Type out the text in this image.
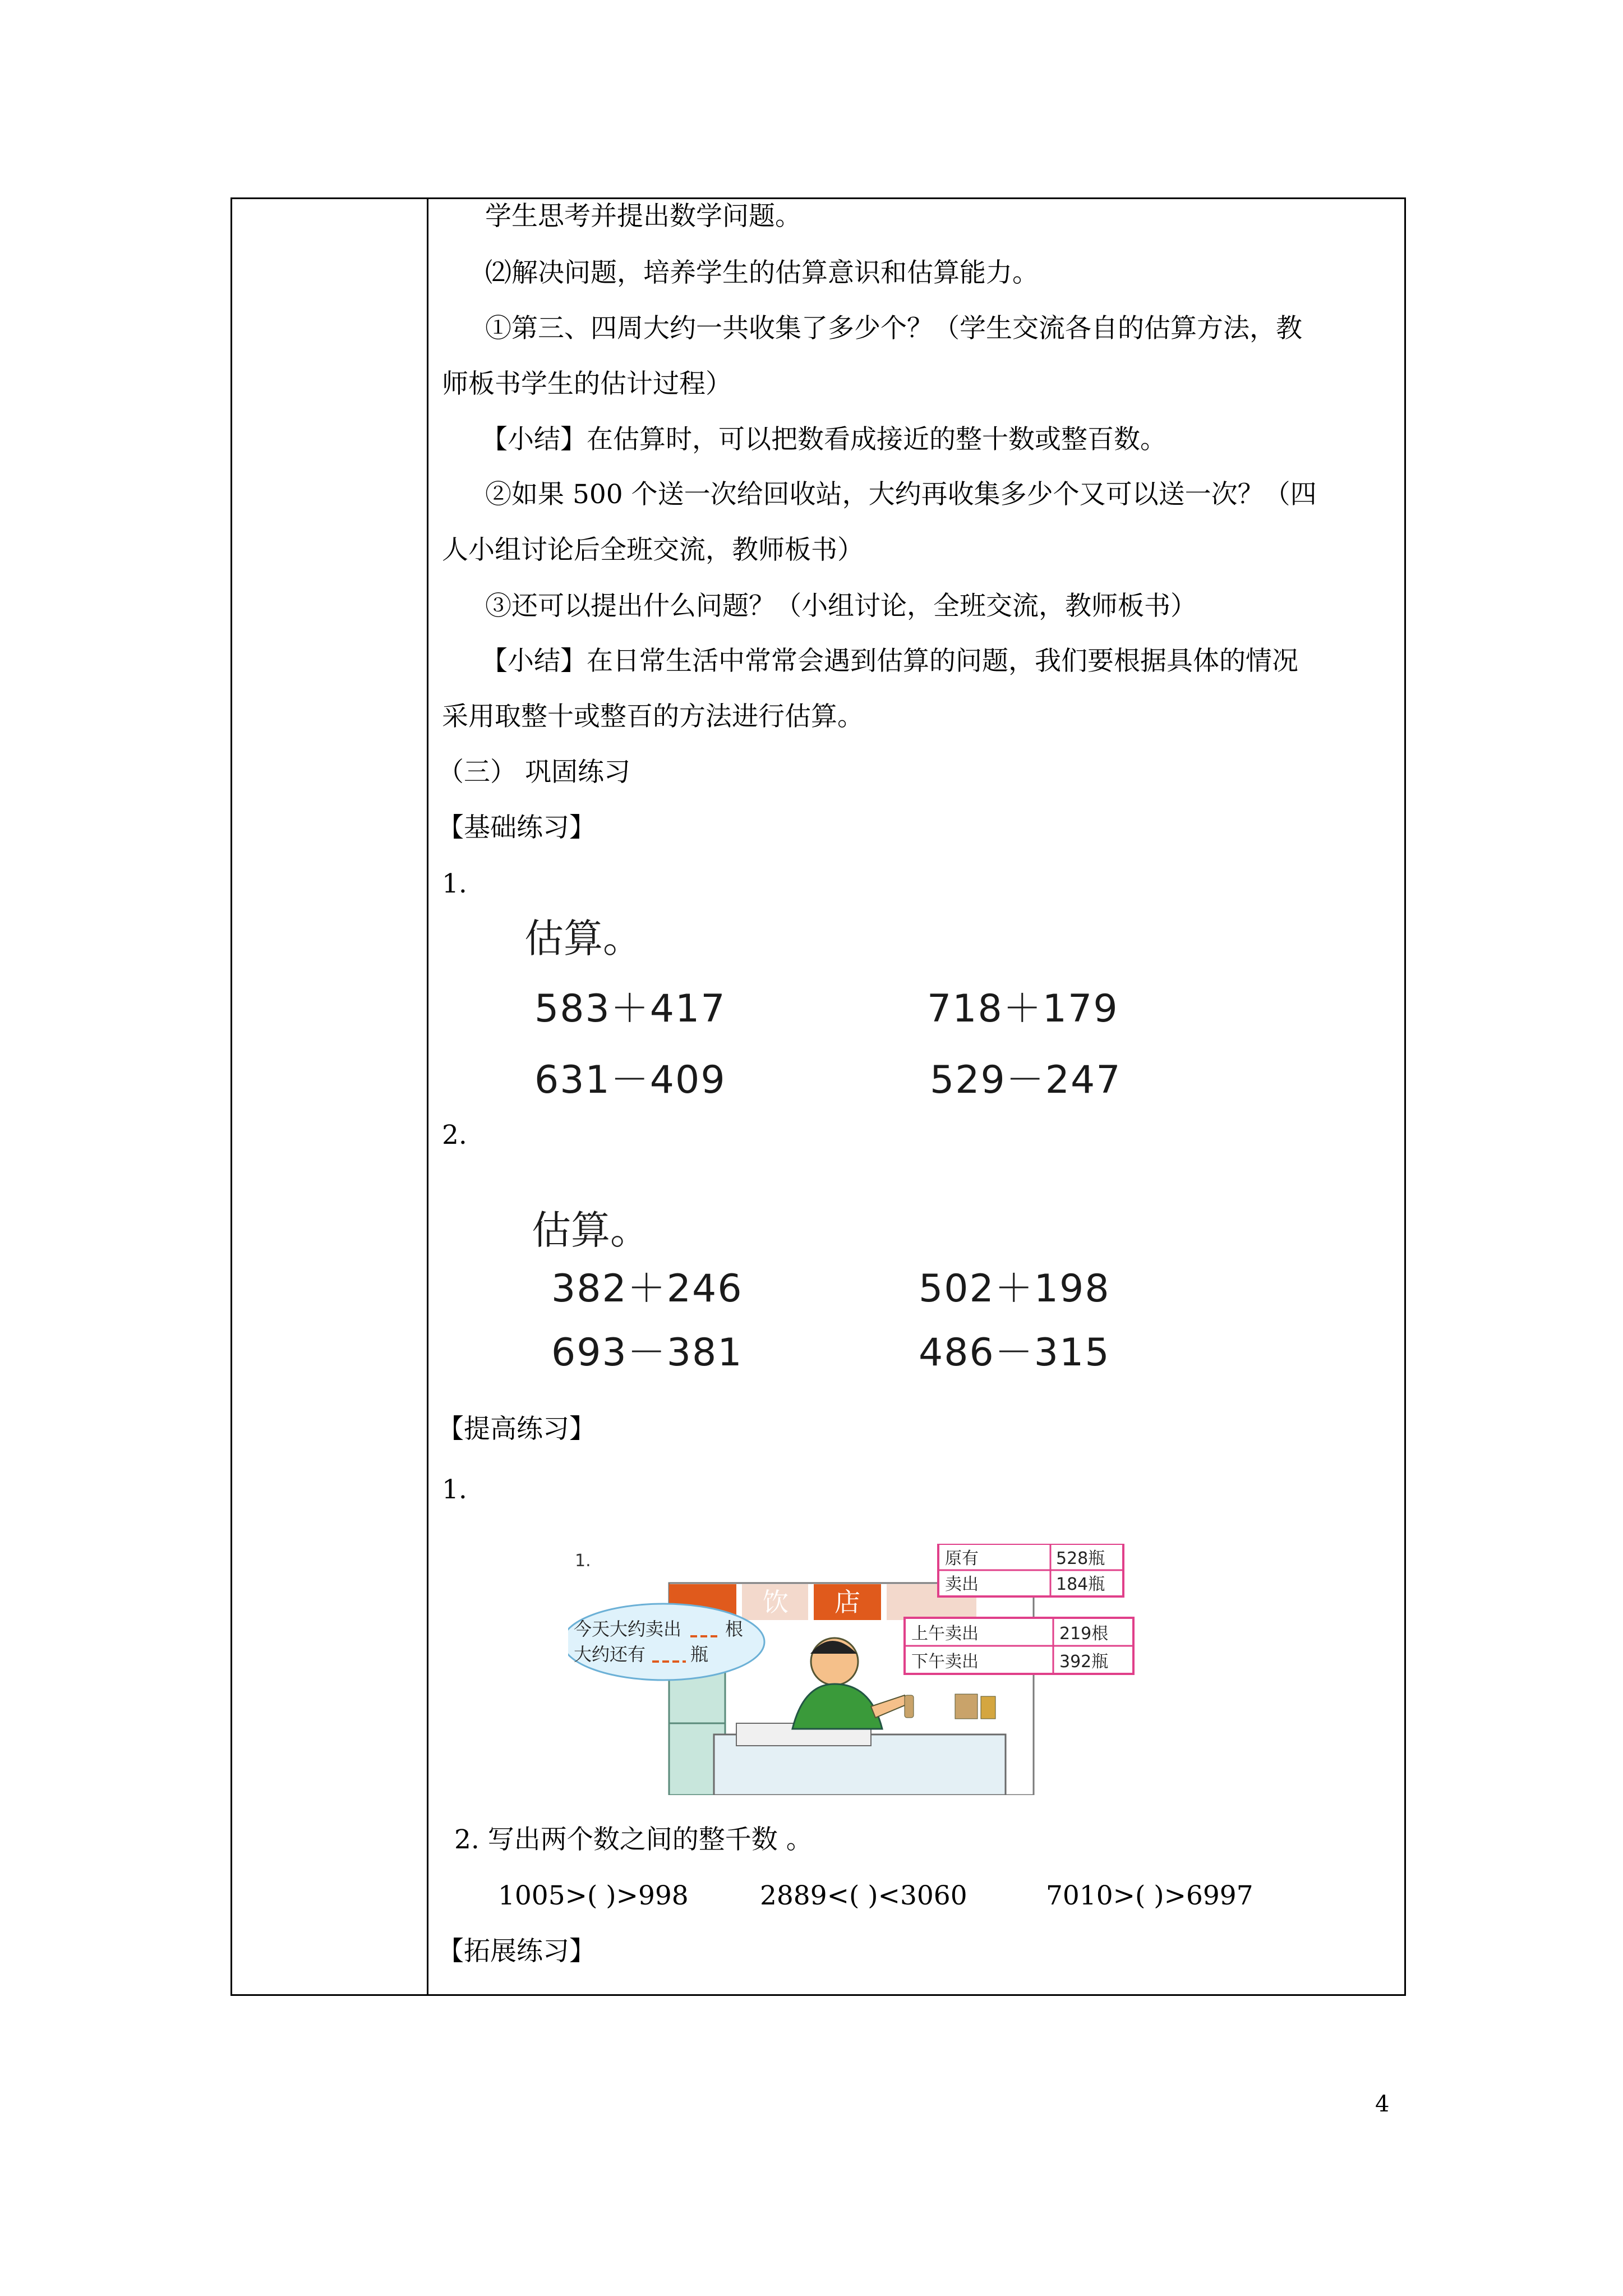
学生思考并提出数学问题。
⑵解决问题，培养学生的估算意识和估算能力。
①第三、四周大约一共收集了多少个？（学生交流各自的估算方法，教
师板书学生的估计过程）
【小结】在估算时，可以把数看成接近的整十数或整百数。
②如果 500 个送一次给回收站，大约再收集多少个又可以送一次？（四
人小组讨论后全班交流，教师板书）
③还可以提出什么问题？（小组讨论，全班交流，教师板书）
【小结】在日常生活中常常会遇到估算的问题，我们要根据具体的情况
采用取整十或整百的方法进行估算。
（三） 巩固练习
【基础练习】
1.
估算。
583＋417	718＋179
631－409	529－247
2.
估算。
382＋246	502＋198
693－381	486－315
【提高练习】
1.
饮 店
1.
今天大约卖出 根
大约还有 瓶
原有	528瓶
卖出	184瓶
上午卖出	219根
下午卖出	392瓶
2. 写出两个数之间的整千数 。
1005>( )>998	2889<( )<3060	7010>( )>6997
【拓展练习】
4
